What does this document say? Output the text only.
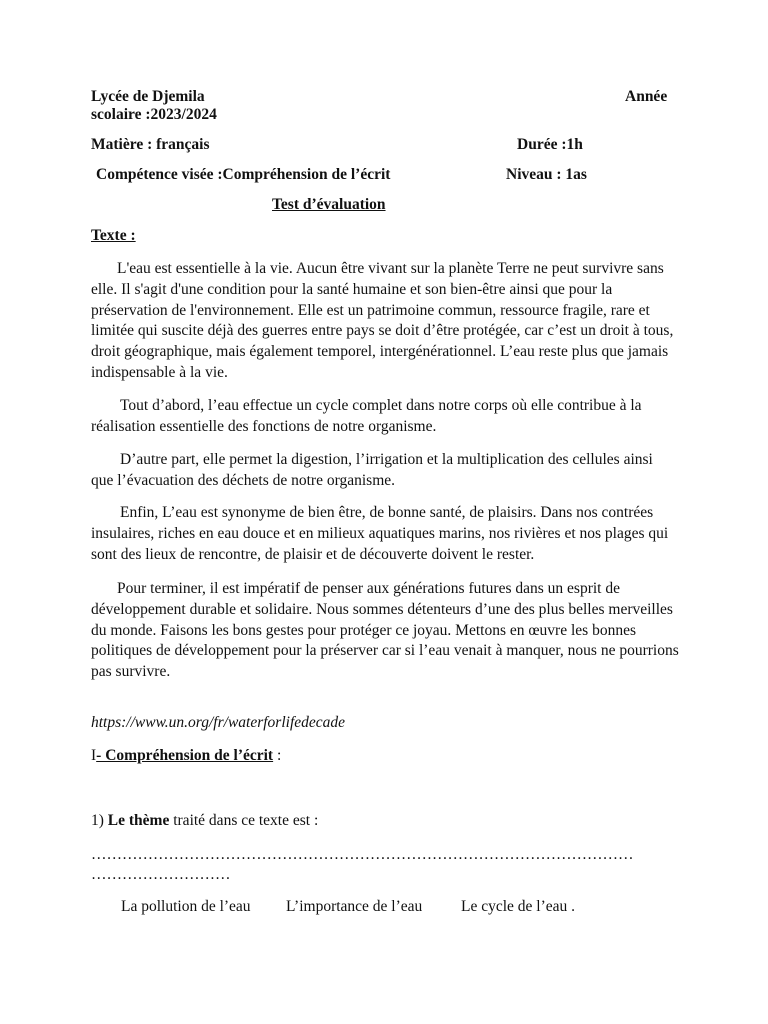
Lycée de Djemila	Année
scolaire :2023/2024
Matière : français	Durée :1h
Compétence visée :Compréhension de l’écrit	Niveau : 1as
Test d’évaluation
Texte :
L'eau est essentielle à la vie. Aucun être vivant sur la planète Terre ne peut survivre sans elle. Il s'agit d'une condition pour la santé humaine et son bien-être ainsi que pour la préservation de l'environnement. Elle est un patrimoine commun, ressource fragile, rare et limitée qui suscite déjà des guerres entre pays se doit d’être protégée, car c’est un droit à tous, droit géographique, mais également temporel, intergénérationnel. L’eau reste plus que jamais indispensable à la vie.
Tout d’abord, l’eau effectue un cycle complet dans notre corps où elle contribue à la réalisation essentielle des fonctions de notre organisme.
D’autre part, elle permet la digestion, l’irrigation et la multiplication des cellules ainsi que l’évacuation des déchets de notre organisme.
Enfin, L’eau est synonyme de bien être, de bonne santé, de plaisirs. Dans nos contrées insulaires, riches en eau douce et en milieux aquatiques marins, nos rivières et nos plages qui sont des lieux de rencontre, de plaisir et de découverte doivent le rester.
Pour terminer, il est impératif de penser aux générations futures dans un esprit de développement durable et solidaire. Nous sommes détenteurs d’une des plus belles merveilles du monde. Faisons les bons gestes pour protéger ce joyau. Mettons en œuvre les bonnes politiques de développement pour la préserver car si l’eau venait à manquer, nous ne pourrions pas survivre.
https://www.un.org/fr/waterforlifedecade
I- Compréhension de l’écrit :
1) Le thème traité dans ce texte est :
……………………………………………………………………………………………
………………………
La pollution de l’eau L’importance de l’eau Le cycle de l’eau .
